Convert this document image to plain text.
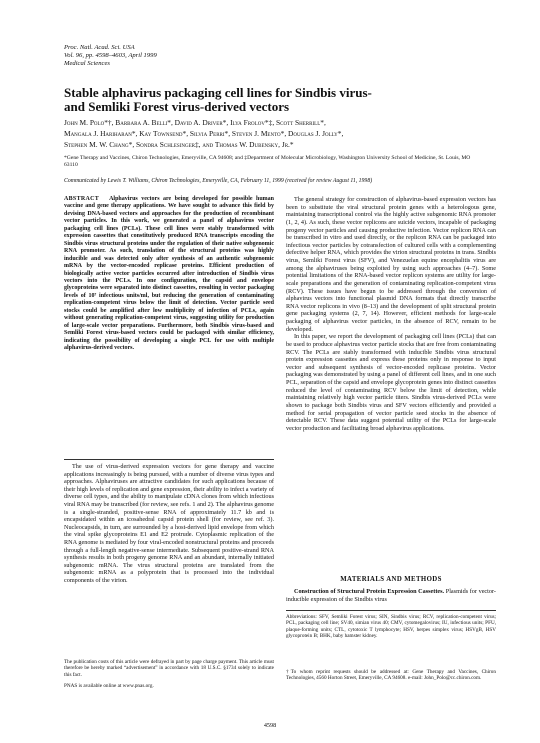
Proc. Natl. Acad. Sci. USA
Vol. 96, pp. 4598–4603, April 1999
Medical Sciences
Stable alphavirus packaging cell lines for Sindbis virus-
and Semliki Forest virus-derived vectors
John M. Polo*†, Barbara A. Belli*, David A. Driver*, Ilya Frolov*‡, Scott Sherrill*,
Mangala J. Hariharan*, Kay Townsend*, Silvia Perri*, Steven J. Mento*, Douglas J. Jolly*,
Stephen M. W. Chang*, Sondra Schlesinger‡, and Thomas W. Dubensky, Jr.*
*Gene Therapy and Vaccines, Chiron Technologies, Emeryville, CA 94608; and ‡Department of Molecular Microbiology, Washington University School of Medicine, St. Louis, MO 63110
Communicated by Lewis T. Williams, Chiron Technologies, Emeryville, CA, February 11, 1999 (received for review August 11, 1998)
ABSTRACT Alphavirus vectors are being developed for possible human vaccine and gene therapy applications. We have sought to advance this field by devising DNA-based vectors and approaches for the production of recombinant vector particles. In this work, we generated a panel of alphavirus vector packaging cell lines (PCLs). These cell lines were stably transformed with expression cassettes that constitutively produced RNA transcripts encoding the Sindbis virus structural proteins under the regulation of their native subgenomic RNA promoter. As such, translation of the structural proteins was highly inducible and was detected only after synthesis of an authentic subgenomic mRNA by the vector-encoded replicase proteins. Efficient production of biologically active vector particles occurred after introduction of Sindbis virus vectors into the PCLs. In one configuration, the capsid and envelope glycoproteins were separated into distinct cassettes, resulting in vector packaging levels of 10⁷ infectious units/ml, but reducing the generation of contaminating replication-competent virus below the limit of detection. Vector particle seed stocks could be amplified after low multiplicity of infection of PCLs, again without generating replication-competent virus, suggesting utility for production of large-scale vector preparations. Furthermore, both Sindbis virus-based and Semliki Forest virus-based vectors could be packaged with similar efficiency, indicating the possibility of developing a single PCL for use with multiple alphavirus-derived vectors.

The use of virus-derived expression vectors for gene therapy and vaccine applications increasingly is being pursued, with a number of diverse virus types and approaches. Alphaviruses are attractive candidates for such applications because of their high levels of replication and gene expression, their ability to infect a variety of diverse cell types, and the ability to manipulate cDNA clones from which infectious viral RNA may be transcribed (for review, see refs. 1 and 2). The alphavirus genome is a single-stranded, positive-sense RNA of approximately 11.7 kb and is encapsidated within an icosahedral capsid protein shell (for review, see ref. 3). Nucleocapsids, in turn, are surrounded by a host-derived lipid envelope from which the viral spike glycoproteins E1 and E2 protrude. Cytoplasmic replication of the RNA genome is mediated by four viral-encoded nonstructural proteins and proceeds through a full-length negative-sense intermediate. Subsequent positive-strand RNA synthesis results in both progeny genome RNA and an abundant, internally initiated subgenomic mRNA. The virus structural proteins are translated from the subgenomic mRNA as a polyprotein that is processed into the individual components of the virion.

The publication costs of this article were defrayed in part by page charge payment. This article must therefore be hereby marked “advertisement” in accordance with 18 U.S.C. §1734 solely to indicate this fact.

PNAS is available online at www.pnas.org.

The general strategy for construction of alphavirus-based expression vectors has been to substitute the viral structural protein genes with a heterologous gene, maintaining transcriptional control via the highly active subgenomic RNA promoter (1, 2, 4). As such, these vector replicons are suicide vectors, incapable of packaging progeny vector particles and causing productive infection. Vector replicon RNA can be transcribed in vitro and used directly, or the replicon RNA can be packaged into infectious vector particles by cotransfection of cultured cells with a complementing defective helper RNA, which provides the virion structural proteins in trans. Sindbis virus, Semliki Forest virus (SFV), and Venezuelan equine encephalitis virus are among the alphaviruses being exploited by using such approaches (4–7). Some potential limitations of the RNA-based vector replicon systems are utility for large-scale preparations and the generation of contaminating replication-competent virus (RCV). These issues have begun to be addressed through the conversion of alphavirus vectors into functional plasmid DNA formats that directly transcribe RNA vector replicons in vivo (8–13) and the development of split structural protein gene packaging systems (2, 7, 14). However, efficient methods for large-scale packaging of alphavirus vector particles, in the absence of RCV, remain to be developed.

In this paper, we report the development of packaging cell lines (PCLs) that can be used to produce alphavirus vector particle stocks that are free from contaminating RCV. The PCLs are stably transformed with inducible Sindbis virus structural protein expression cassettes and express these proteins only in response to input vector and subsequent synthesis of vector-encoded replicase proteins. Vector packaging was demonstrated by using a panel of different cell lines, and in one such PCL, separation of the capsid and envelope glycoprotein genes into distinct cassettes reduced the level of contaminating RCV below the limit of detection, while maintaining relatively high vector particle titers. Sindbis virus-derived PCLs were shown to package both Sindbis virus and SFV vectors efficiently and provided a method for serial propagation of vector particle seed stocks in the absence of detectable RCV. These data suggest potential utility of the PCLs for large-scale vector production and facilitating broad alphavirus applications.

MATERIALS AND METHODS
Construction of Structural Protein Expression Cassettes. Plasmids for vector-inducible expression of the Sindbis virus
Abbreviations: SFV, Semliki Forest virus; SIN, Sindbis virus; RCV, replication-competent virus; PCL, packaging cell line; SV40, simian virus 40; CMV, cytomegalovirus; IU, infectious units; PFU, plaque-forming units; CTL, cytotoxic T lymphocyte; HSV, herpes simplex virus; HSVgB, HSV glycoprotein B; BHK, baby hamster kidney.
†To whom reprint requests should be addressed at: Gene Therapy and Vaccines, Chiron Technologies, 4560 Horton Street, Emeryville, CA 94608. e-mail: John_Polo@cc.chiron.com.
4598
